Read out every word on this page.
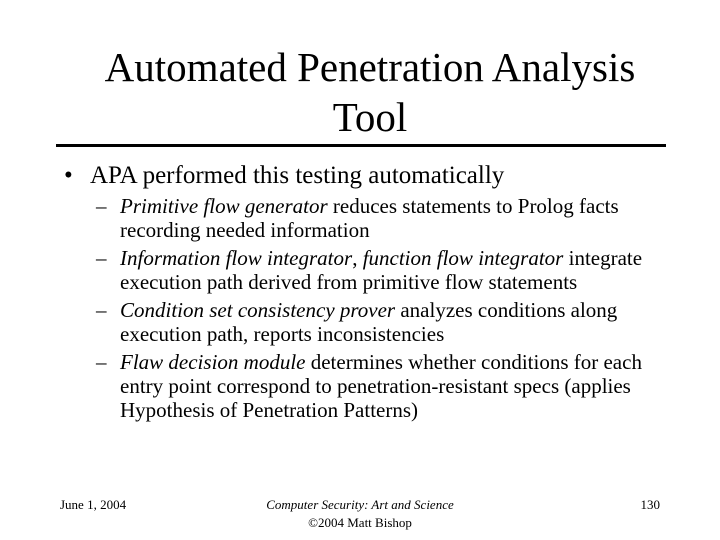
Automated Penetration Analysis
Tool
• APA performed this testing automatically
– Primitive flow generator reduces statements to Prolog facts recording needed information
– Information flow integrator, function flow integrator integrate execution path derived from primitive flow statements
– Condition set consistency prover analyzes conditions along execution path, reports inconsistencies
– Flaw decision module determines whether conditions for each entry point correspond to penetration-resistant specs (applies Hypothesis of Penetration Patterns)
June 1, 2004	Computer Security: Art and Science
©2004 Matt Bishop
130
